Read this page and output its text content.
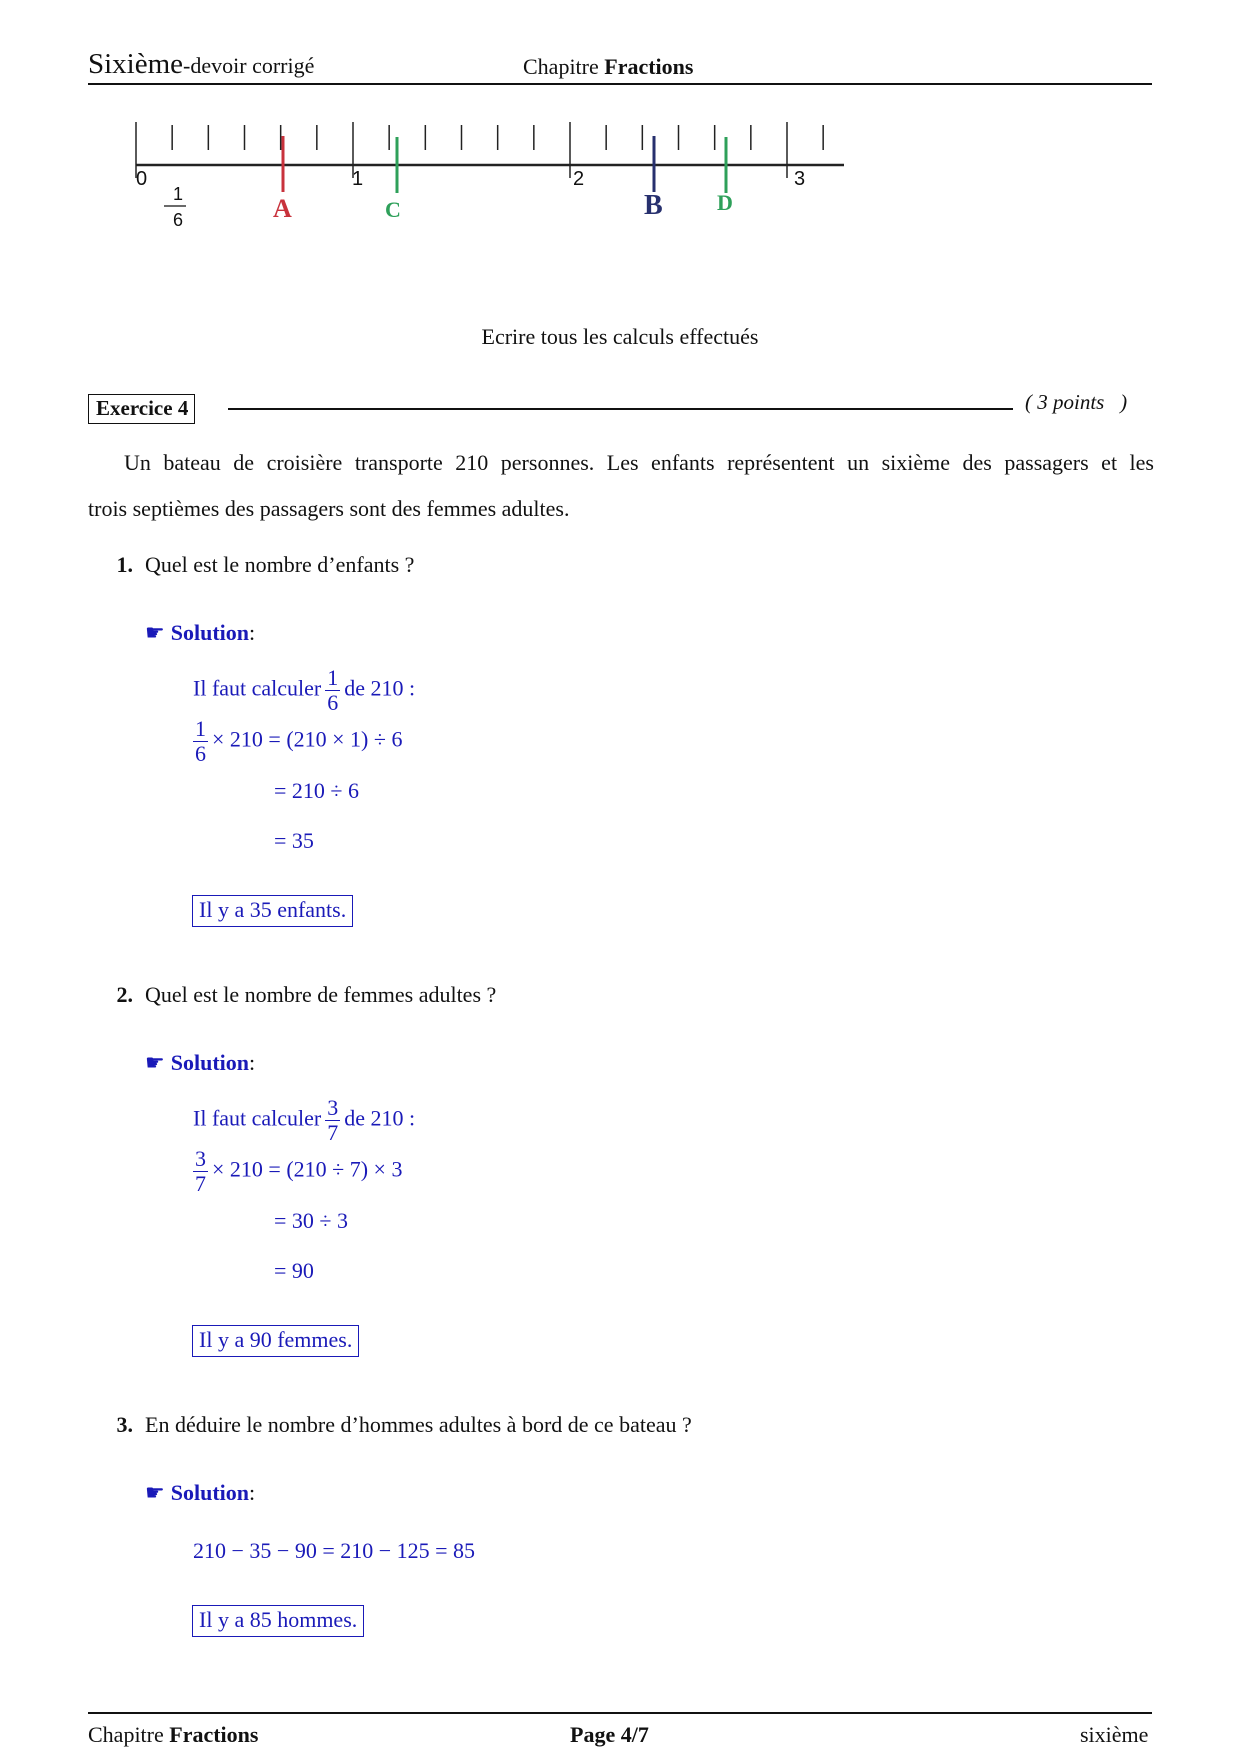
Sixième-devoir corrigé	Chapitre Fractions
0	1	2	3
1
6	A	C	B D
Ecrire tous les calculs effectués
Exercice 4	( 3 points   )
Un bateau de croisière transporte 210 personnes. Les enfants représentent un sixième des passagers et les
trois septièmes des passagers sont des femmes adultes.
1. Quel est le nombre d’enfants ?
☛ Solution:
Il faut calculer $\frac{1}{6}$ de 210 :
$\frac{1}{6} \times 210 = (210 \times 1) \div 6$
= 210 ÷ 6
= 35
Il y a 35 enfants.
2. Quel est le nombre de femmes adultes ?
☛ Solution:
Il faut calculer $\frac{3}{7}$ de 210 :
$\frac{3}{7} \times 210 = (210 \div 7) \times 3$
= 30 ÷ 3
= 90
Il y a 90 femmes.
3. En déduire le nombre d’hommes adultes à bord de ce bateau ?
☛ Solution:
210 − 35 − 90 = 210 − 125 = 85
Il y a 85 hommes.
Chapitre Fractions	Page 4/7	sixième
